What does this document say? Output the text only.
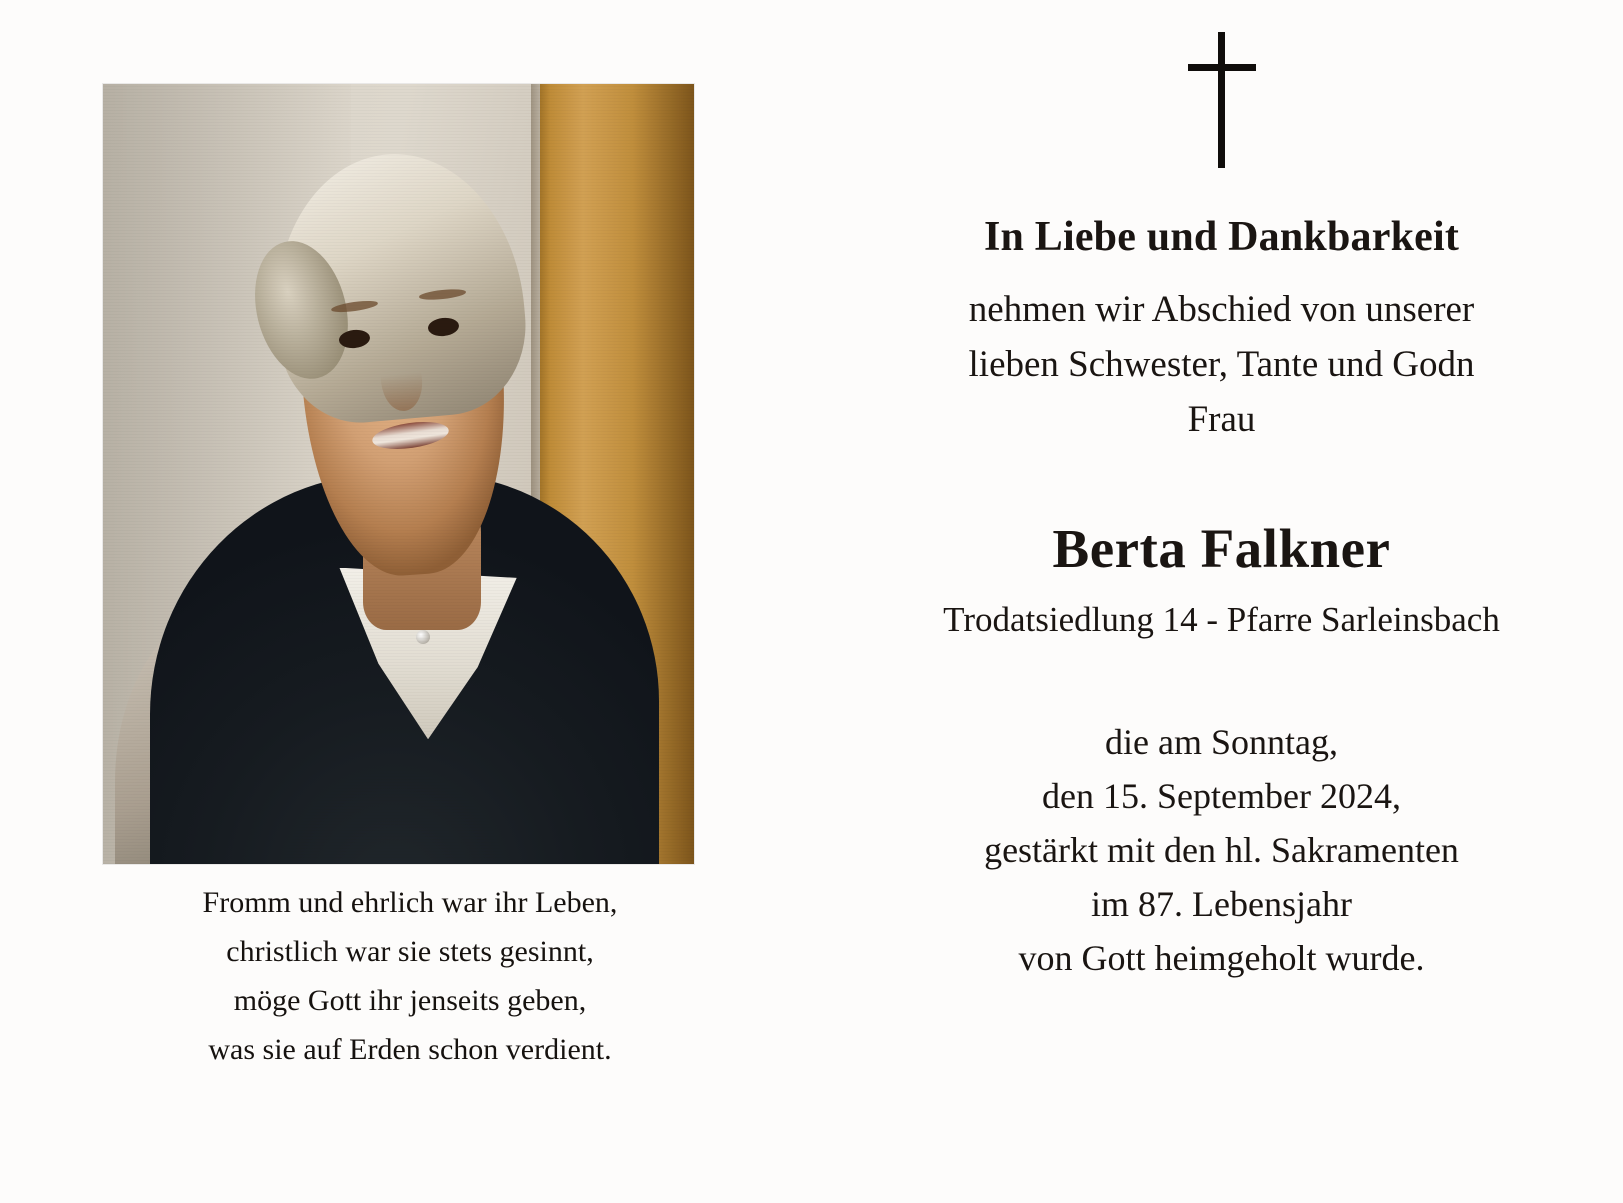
Fromm und ehrlich war ihr Leben,
christlich war sie stets gesinnt,
möge Gott ihr jenseits geben,
was sie auf Erden schon verdient.
In Liebe und Dankbarkeit
nehmen wir Abschied von unserer
lieben Schwester, Tante und Godn
Frau
Berta Falkner
Trodatsiedlung 14 - Pfarre Sarleinsbach
die am Sonntag,
den 15. September 2024,
gestärkt mit den hl. Sakramenten
im 87. Lebensjahr
von Gott heimgeholt wurde.
